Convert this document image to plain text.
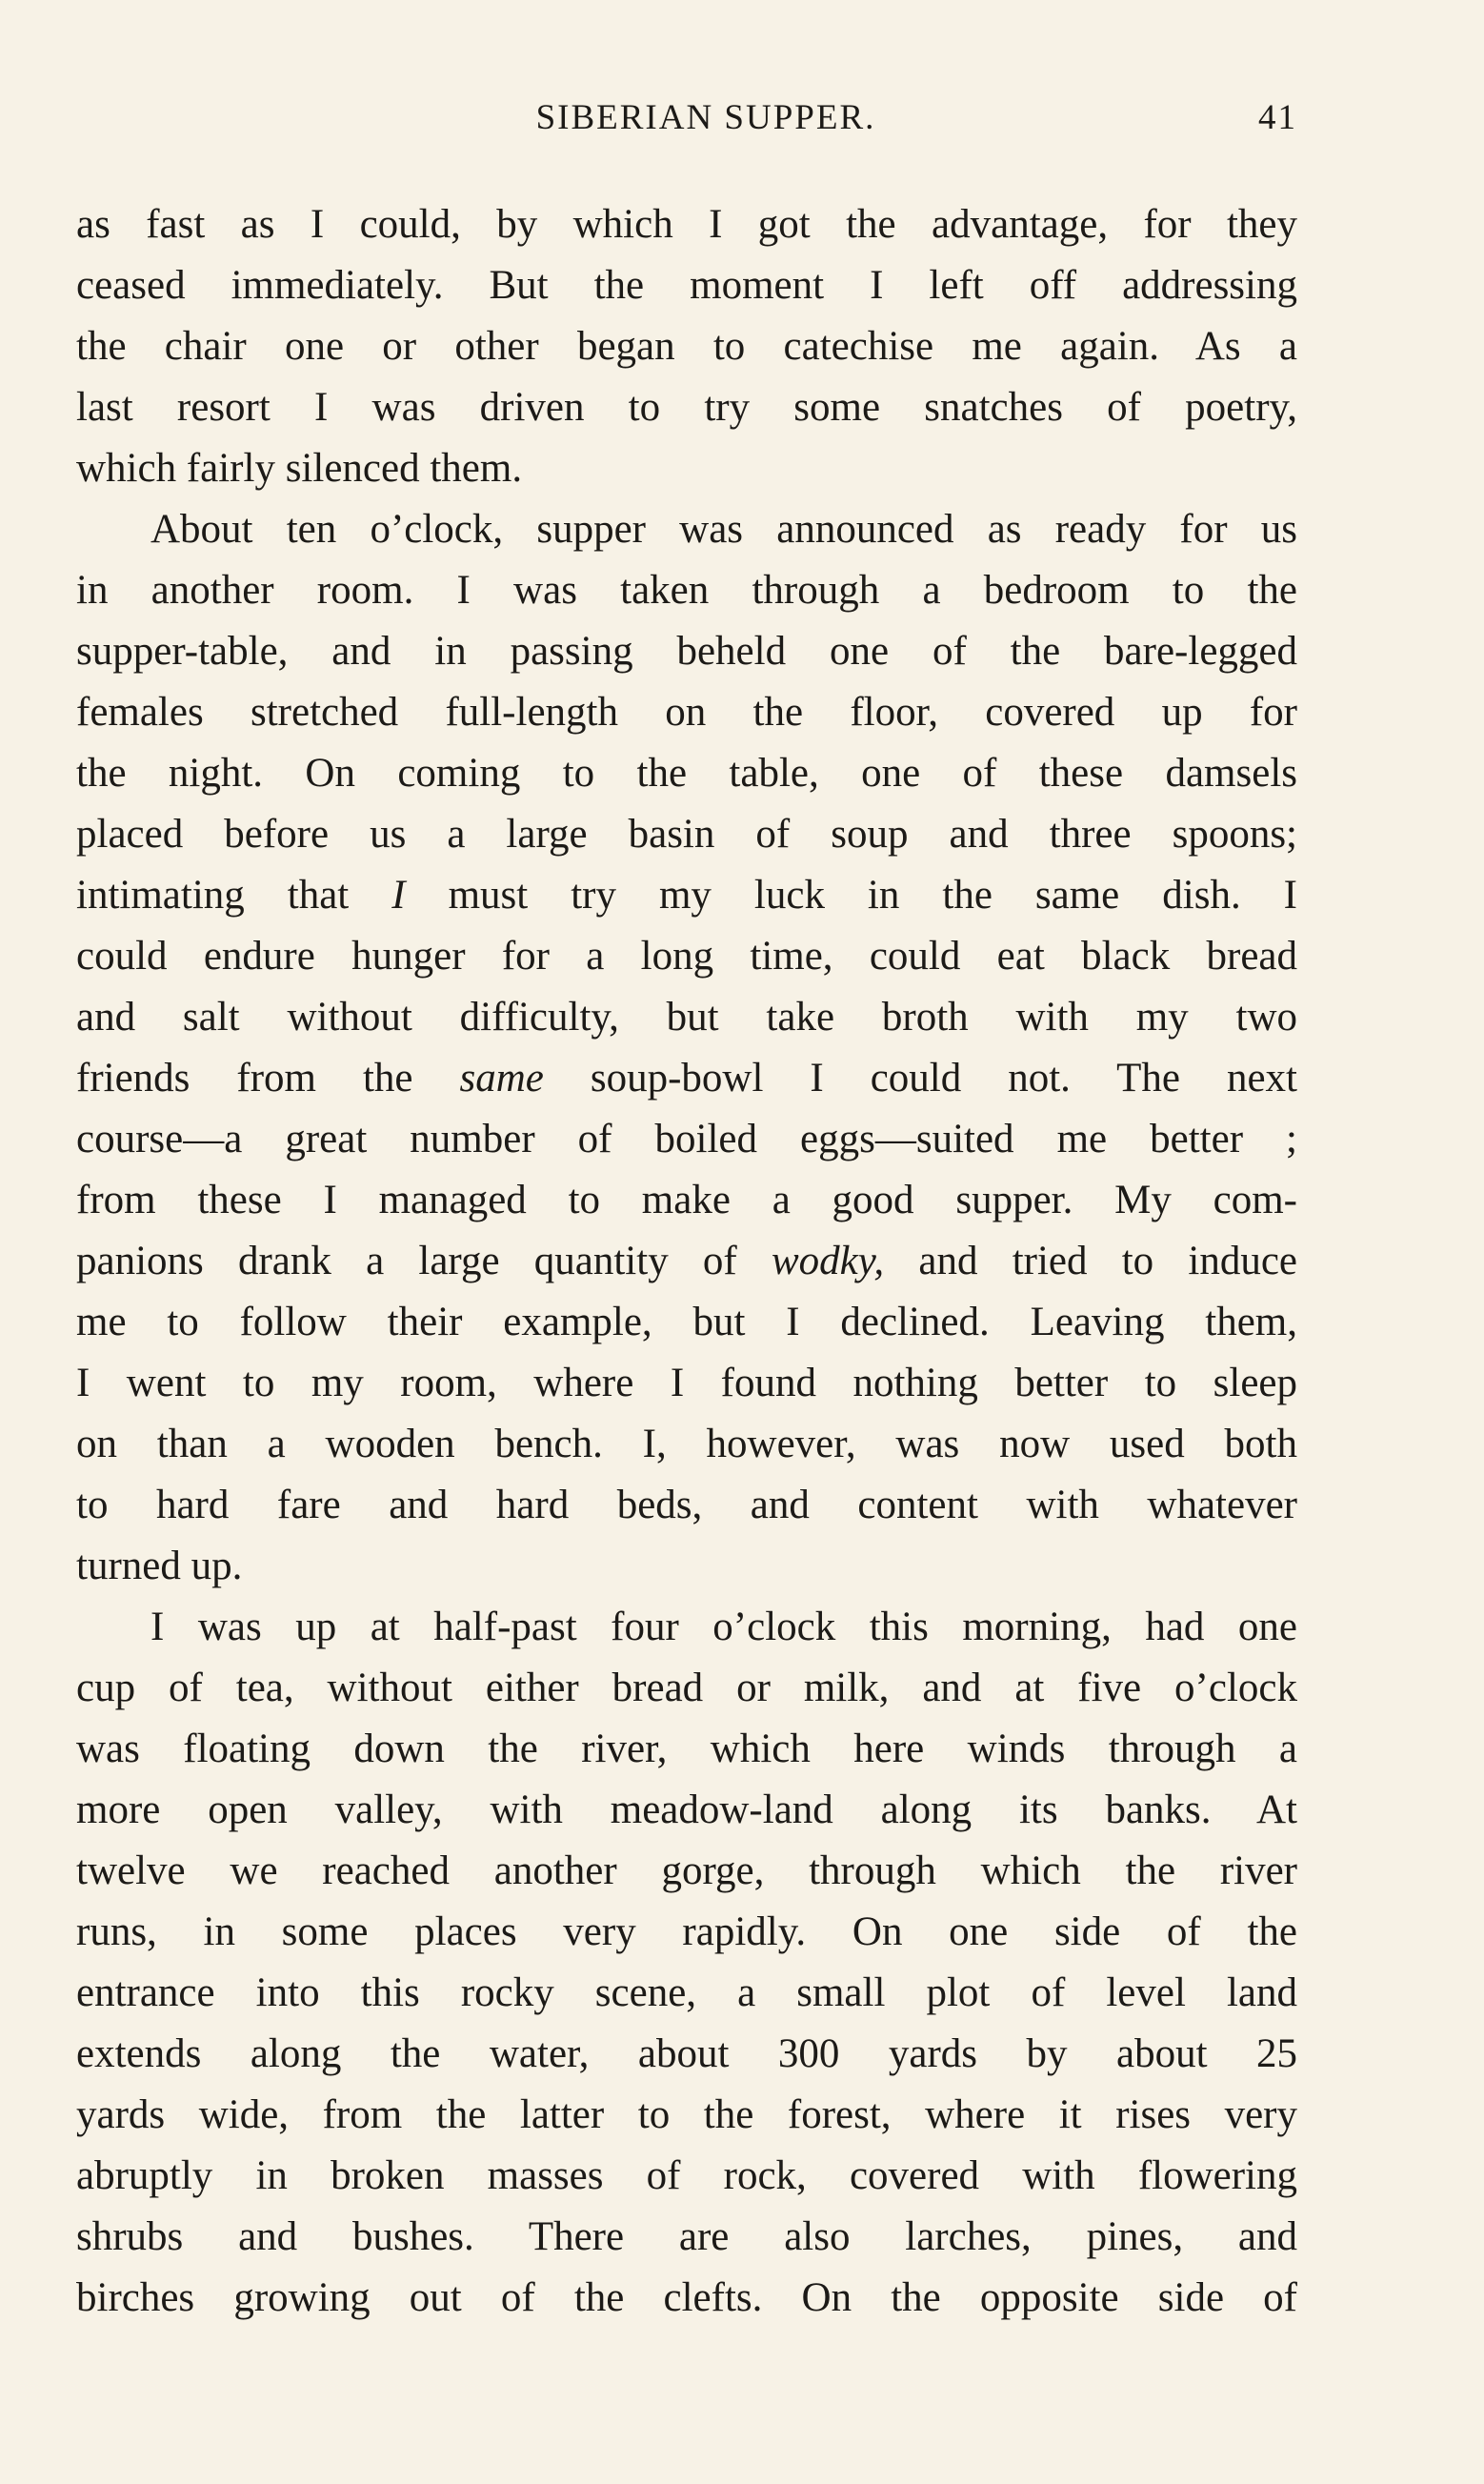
SIBERIAN SUPPER.	41
as fast as I could, by which I got the advantage, for they
ceased immediately. But the moment I left off addressing
the chair one or other began to catechise me again. As a
last resort I was driven to try some snatches of poetry,
which fairly silenced them.
About ten o’clock, supper was announced as ready for us
in another room. I was taken through a bedroom to the
supper-table, and in passing beheld one of the bare-legged
females stretched full-length on the floor, covered up for
the night. On coming to the table, one of these damsels
placed before us a large basin of soup and three spoons;
intimating that I must try my luck in the same dish. I
could endure hunger for a long time, could eat black bread
and salt without difficulty, but take broth with my two
friends from the same soup-bowl I could not. The next
course—a great number of boiled eggs—suited me better ;
from these I managed to make a good supper. My com-
panions drank a large quantity of wodky, and tried to induce
me to follow their example, but I declined. Leaving them,
I went to my room, where I found nothing better to sleep
on than a wooden bench. I, however, was now used both
to hard fare and hard beds, and content with whatever
turned up.
I was up at half-past four o’clock this morning, had one
cup of tea, without either bread or milk, and at five o’clock
was floating down the river, which here winds through a
more open valley, with meadow-land along its banks. At
twelve we reached another gorge, through which the river
runs, in some places very rapidly. On one side of the
entrance into this rocky scene, a small plot of level land
extends along the water, about 300 yards by about 25
yards wide, from the latter to the forest, where it rises very
abruptly in broken masses of rock, covered with flowering
shrubs and bushes. There are also larches, pines, and
birches growing out of the clefts. On the opposite side of
